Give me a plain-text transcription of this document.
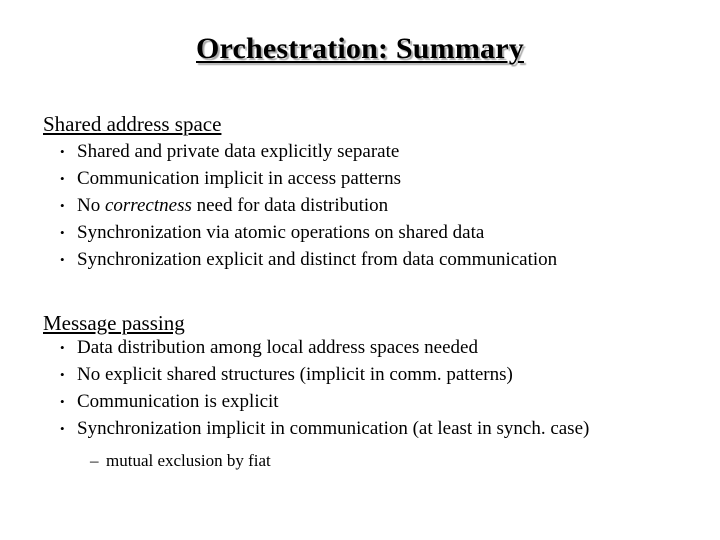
Orchestration: Summary
Shared address space
• Shared and private data explicitly separate
• Communication implicit in access patterns
• No correctness need for data distribution
• Synchronization via atomic operations on shared data
• Synchronization explicit and distinct from data communication
Message passing
• Data distribution among local address spaces needed
• No explicit shared structures (implicit in comm. patterns)
• Communication is explicit
• Synchronization implicit in communication (at least in synch. case)
– mutual exclusion by fiat
